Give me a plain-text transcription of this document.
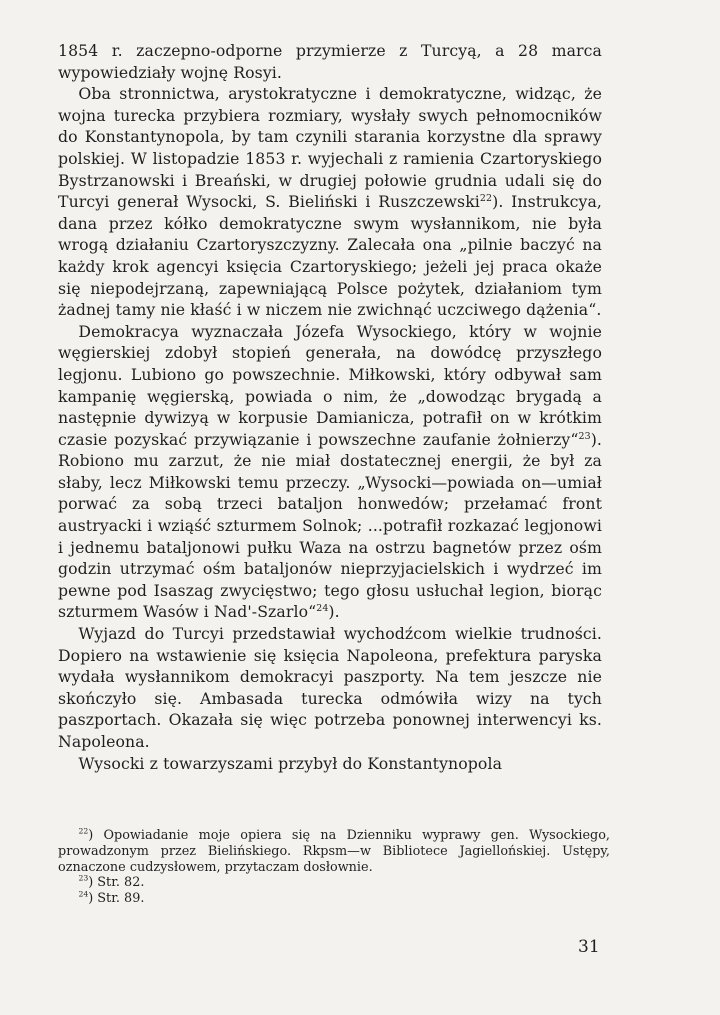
1854 r. zaczepno-odporne przymierze z Turcyą, a 28 marca wypowiedziały wojnę Rosyi.

Oba stronnictwa, arystokratyczne i demokratyczne, widząc, że wojna turecka przybiera rozmiary, wysłały swych pełnomocników do Konstantynopola, by tam czynili starania korzystne dla sprawy polskiej. W listopadzie 1853 r. wyjechali z ramienia Czartoryskiego Bystrzanowski i Breański, w drugiej połowie grudnia udali się do Turcyi generał Wysocki, S. Bieliński i Ruszczewski$^{22}$). Instrukcya, dana przez kółko demokratyczne swym wysłannikom, nie była wrogą działaniu Czartoryszczyzny. Zalecała ona „pilnie baczyć na każdy krok agencyi księcia Czartoryskiego; jeżeli jej praca okaże się niepodejrzaną, zapewniającą Polsce pożytek, działaniom tym żadnej tamy nie kłaść i w niczem nie zwichnąć uczciwego dążenia“.

Demokracya wyznaczała Józefa Wysockiego, który w wojnie węgierskiej zdobył stopień generała, na dowódcę przyszłego legjonu. Lubiono go powszechnie. Miłkowski, który odbywał sam kampanię węgierską, powiada o nim, że „dowodząc brygadą a następnie dywizyą w korpusie Damianicza, potrafił on w krótkim czasie pozyskać przywiązanie i powszechne zaufanie żołnierzy“$^{23}$). Robiono mu zarzut, że nie miał dostatecznej energii, że był za słaby, lecz Miłkowski temu przeczy. „Wysocki—powiada on—umiał porwać za sobą trzeci bataljon honwedów; przełamać front austryacki i wziąść szturmem Solnok; ...potrafił rozkazać legjonowi i jednemu bataljonowi pułku Waza na ostrzu bagnetów przez ośm godzin utrzymać ośm bataljonów nieprzyjacielskich i wydrzeć im pewne pod Isaszag zwycięstwo; tego głosu usłuchał legion, biorąc szturmem Wasów i Nad'-Szarlo“$^{24}$).

Wyjazd do Turcyi przedstawiał wychodźcom wielkie trudności. Dopiero na wstawienie się księcia Napoleona, prefektura paryska wydała wysłannikom demokracyi paszporty. Na tem jeszcze nie skończyło się. Ambasada turecka odmówiła wizy na tych paszportach. Okazała się więc potrzeba ponownej interwencyi ks. Napoleona.

Wysocki z towarzyszami przybył do Konstantynopola

$^{22}$) Opowiadanie moje opiera się na Dzienniku wyprawy gen. Wysockiego, prowadzonym przez Bielińskiego. Rkpsm—w Bibliotece Jagiellońskiej. Ustępy, oznaczone cudzysłowem, przytaczam dosłownie.

$^{23}$) Str. 82.

$^{24}$) Str. 89.

31
